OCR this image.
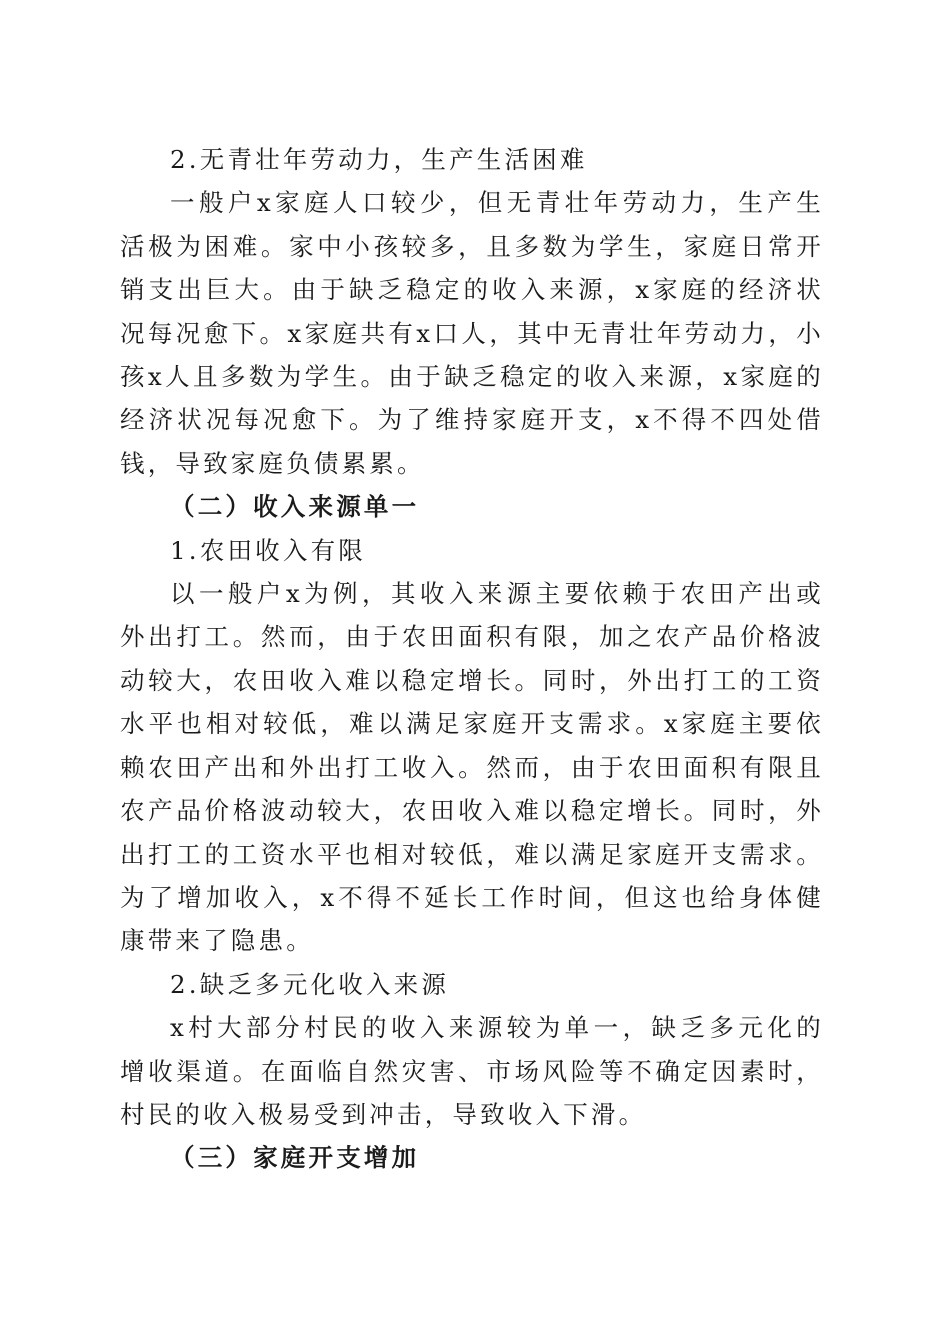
2.无青壮年劳动力，生产生活困难

一般户x家庭人口较少，但无青壮年劳动力，生产生活极为困难。家中小孩较多，且多数为学生，家庭日常开销支出巨大。由于缺乏稳定的收入来源，x家庭的经济状况每况愈下。x家庭共有x口人，其中无青壮年劳动力，小孩x人且多数为学生。由于缺乏稳定的收入来源，x家庭的经济状况每况愈下。为了维持家庭开支，x不得不四处借钱，导致家庭负债累累。

（二）收入来源单一

1.农田收入有限

以一般户x为例，其收入来源主要依赖于农田产出或外出打工。然而，由于农田面积有限，加之农产品价格波动较大，农田收入难以稳定增长。同时，外出打工的工资水平也相对较低，难以满足家庭开支需求。x家庭主要依赖农田产出和外出打工收入。然而，由于农田面积有限且农产品价格波动较大，农田收入难以稳定增长。同时，外出打工的工资水平也相对较低，难以满足家庭开支需求。为了增加收入，x不得不延长工作时间，但这也给身体健康带来了隐患。

2.缺乏多元化收入来源

x村大部分村民的收入来源较为单一，缺乏多元化的增收渠道。在面临自然灾害、市场风险等不确定因素时，村民的收入极易受到冲击，导致收入下滑。

（三）家庭开支增加
